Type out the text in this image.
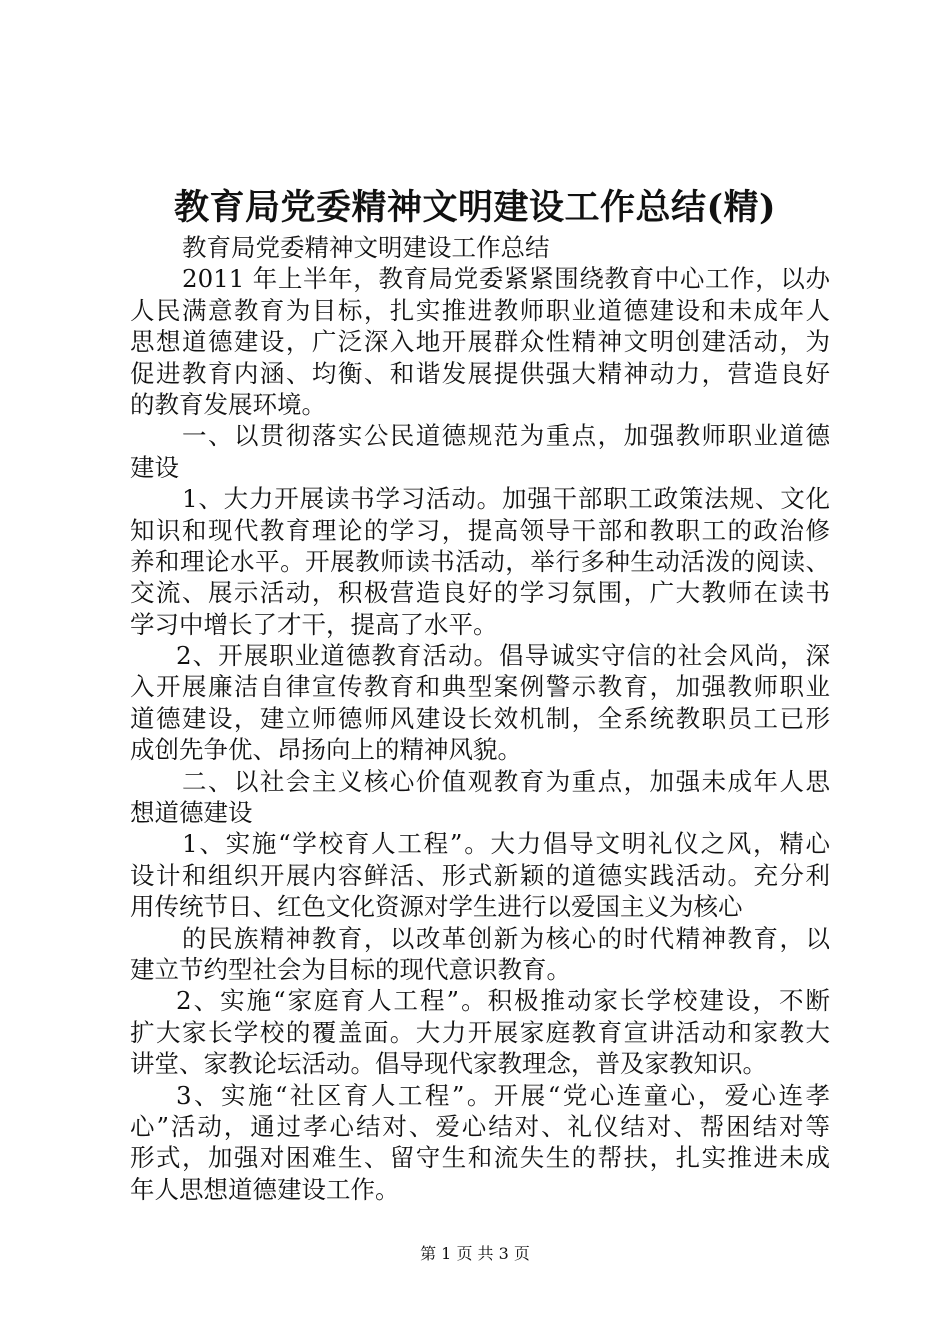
教育局党委精神文明建设工作总结(精)
教育局党委精神文明建设工作总结
2011 年上半年，教育局党委紧紧围绕教育中心工作，以办
人民满意教育为目标，扎实推进教师职业道德建设和未成年人
思想道德建设，广泛深入地开展群众性精神文明创建活动，为
促进教育内涵、均衡、和谐发展提供强大精神动力，营造良好
的教育发展环境。
一、以贯彻落实公民道德规范为重点，加强教师职业道德
建设
1、大力开展读书学习活动。加强干部职工政策法规、文化
知识和现代教育理论的学习，提高领导干部和教职工的政治修
养和理论水平。开展教师读书活动，举行多种生动活泼的阅读、
交流、展示活动，积极营造良好的学习氛围，广大教师在读书
学习中增长了才干，提高了水平。
2、开展职业道德教育活动。倡导诚实守信的社会风尚，深
入开展廉洁自律宣传教育和典型案例警示教育，加强教师职业
道德建设，建立师德师风建设长效机制，全系统教职员工已形
成创先争优、昂扬向上的精神风貌。
二、以社会主义核心价值观教育为重点，加强未成年人思
想道德建设
1、实施“学校育人工程”。大力倡导文明礼仪之风，精心
设计和组织开展内容鲜活、形式新颖的道德实践活动。充分利
用传统节日、红色文化资源对学生进行以爱国主义为核心
的民族精神教育，以改革创新为核心的时代精神教育，以
建立节约型社会为目标的现代意识教育。
2、实施“家庭育人工程”。积极推动家长学校建设，不断
扩大家长学校的覆盖面。大力开展家庭教育宣讲活动和家教大
讲堂、家教论坛活动。倡导现代家教理念，普及家教知识。
3、实施“社区育人工程”。开展“党心连童心，爱心连孝
心”活动，通过孝心结对、爱心结对、礼仪结对、帮困结对等
形式，加强对困难生、留守生和流失生的帮扶，扎实推进未成
年人思想道德建设工作。
第 1 页 共 3 页
